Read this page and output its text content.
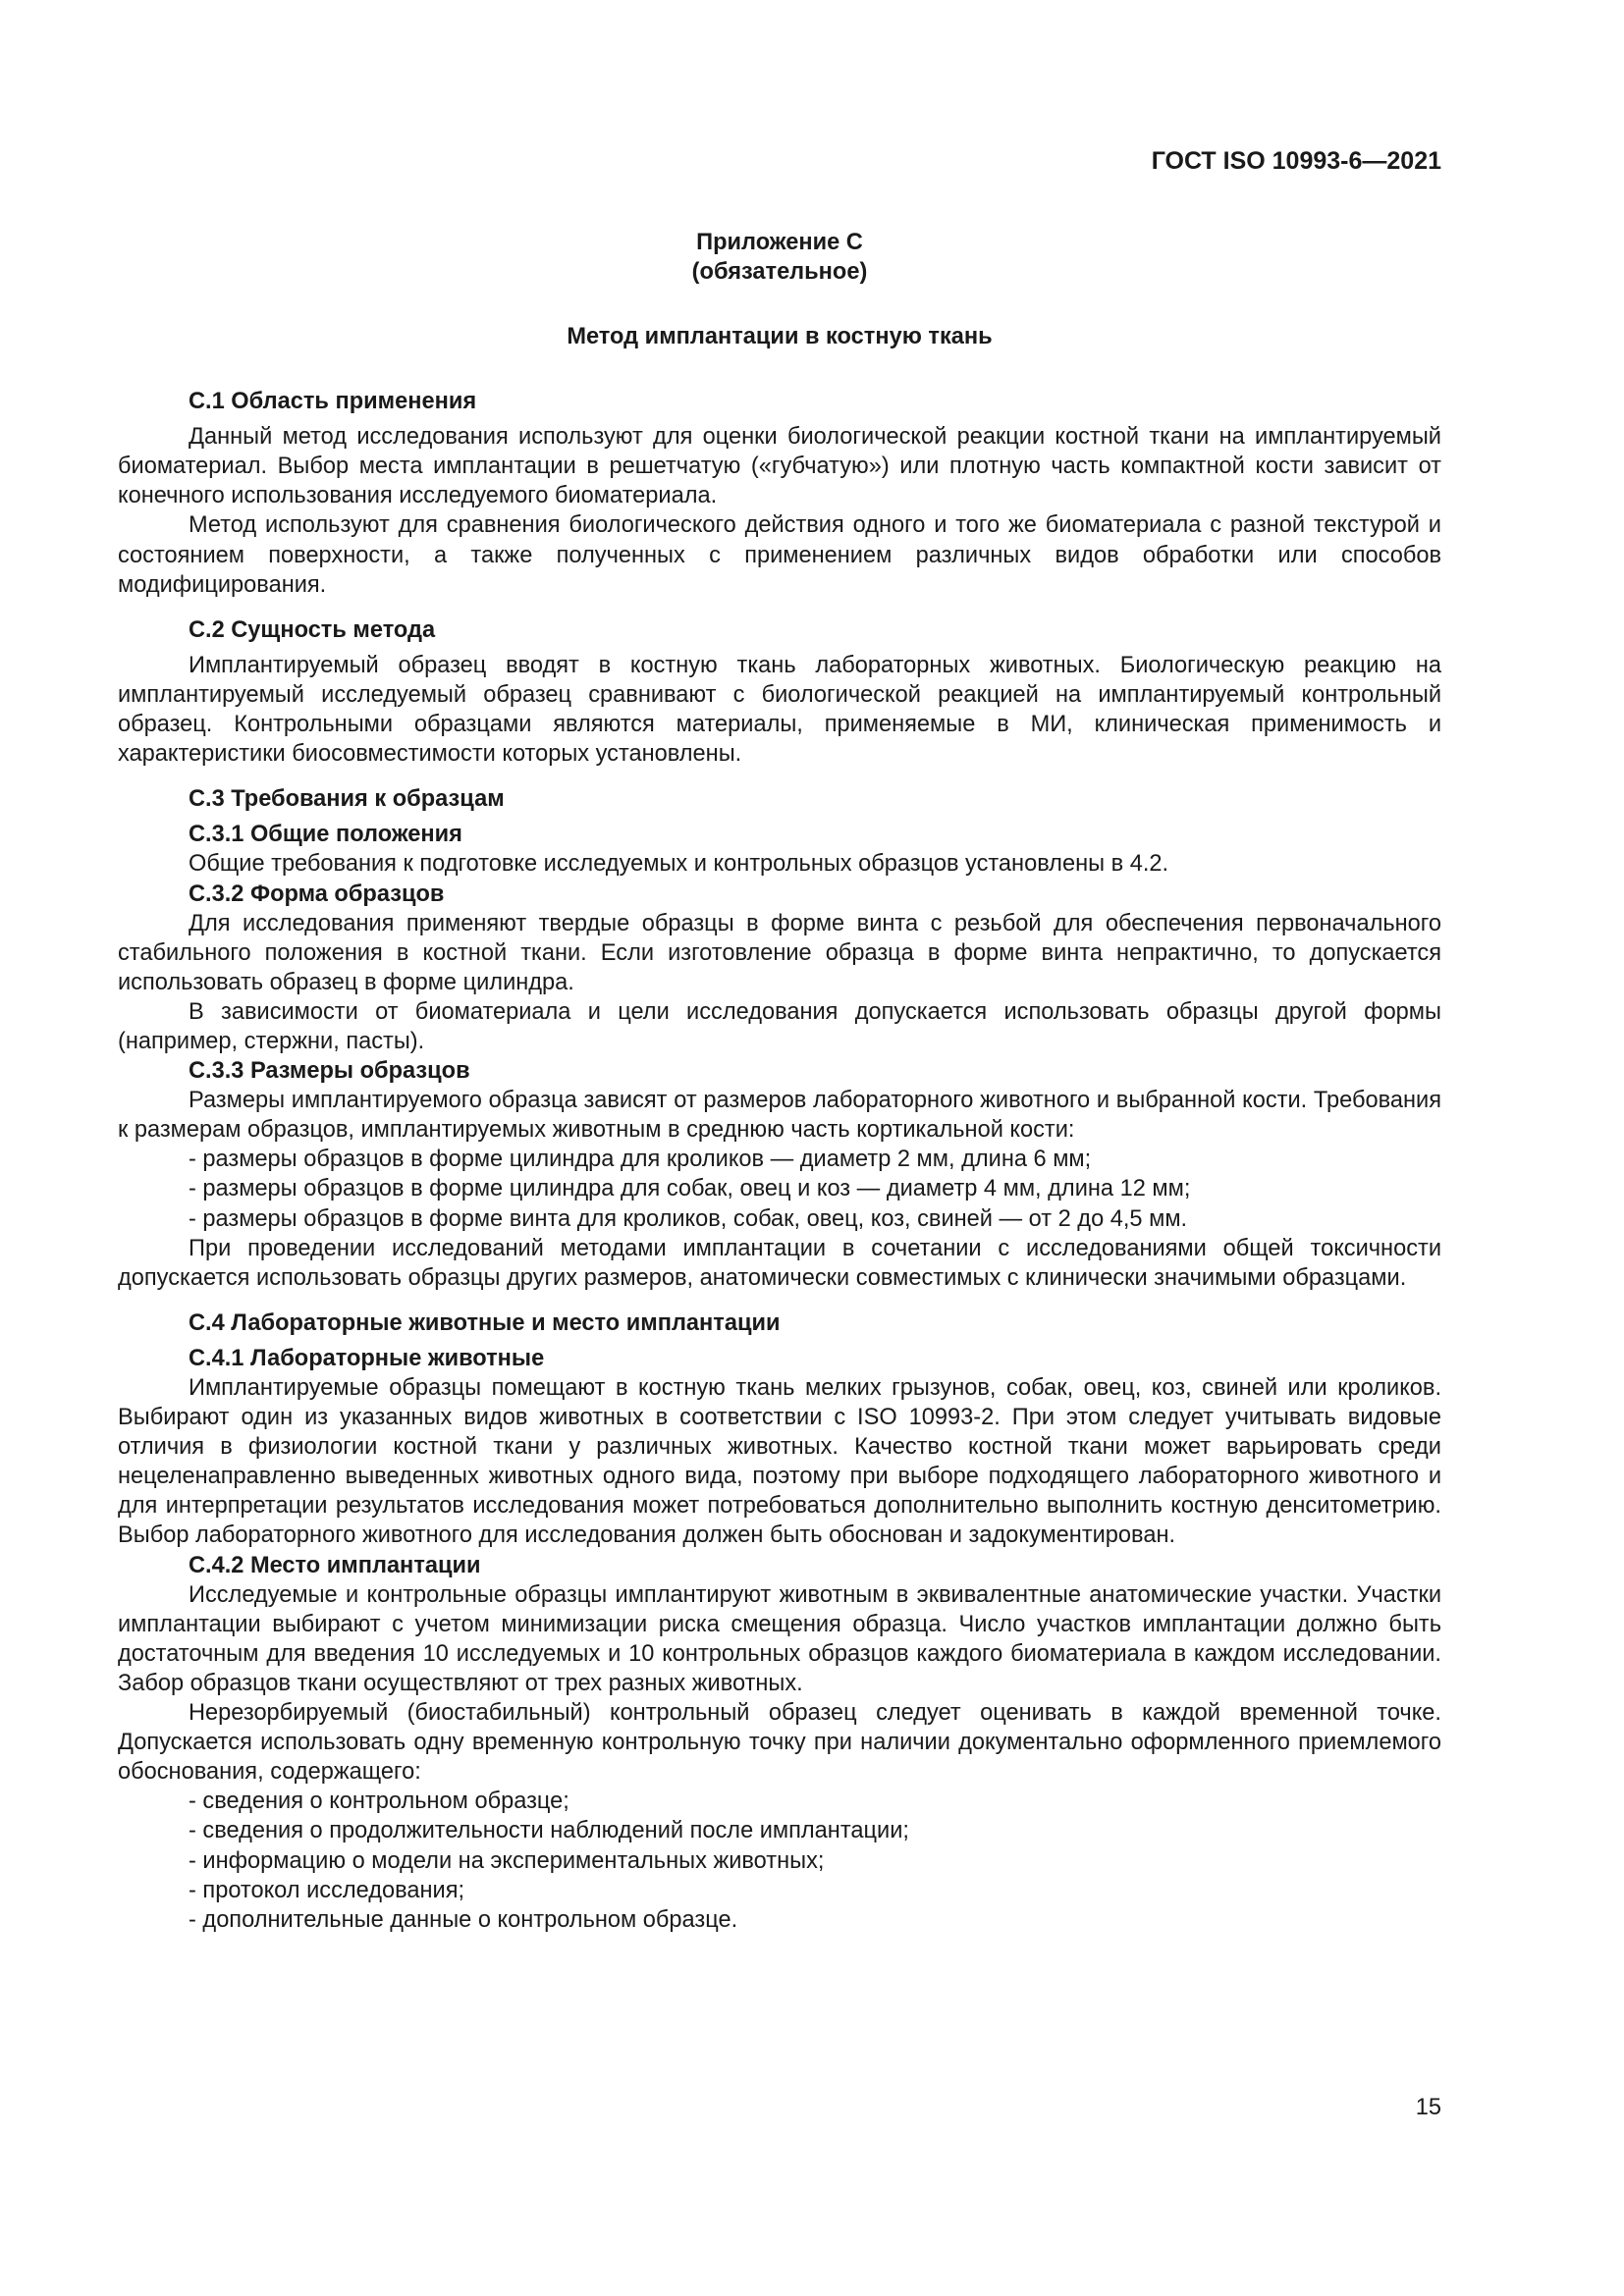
ГОСТ ISO 10993-6—2021
Приложение С
(обязательное)
Метод имплантации в костную ткань
С.1 Область применения

Данный метод исследования используют для оценки биологической реакции костной ткани на имплантируемый биоматериал. Выбор места имплантации в решетчатую («губчатую») или плотную часть компактной кости зависит от конечного использования исследуемого биоматериала.

Метод используют для сравнения биологического действия одного и того же биоматериала с разной текстурой и состоянием поверхности, а также полученных с применением различных видов обработки или способов модифицирования.

С.2 Сущность метода

Имплантируемый образец вводят в костную ткань лабораторных животных. Биологическую реакцию на имплантируемый исследуемый образец сравнивают с биологической реакцией на имплантируемый контрольный образец. Контрольными образцами являются материалы, применяемые в МИ, клиническая применимость и характеристики биосовместимости которых установлены.

С.3 Требования к образцам
С.3.1 Общие положения

Общие требования к подготовке исследуемых и контрольных образцов установлены в 4.2.

С.3.2 Форма образцов

Для исследования применяют твердые образцы в форме винта с резьбой для обеспечения первоначального стабильного положения в костной ткани. Если изготовление образца в форме винта непрактично, то допускается использовать образец в форме цилиндра.

В зависимости от биоматериала и цели исследования допускается использовать образцы другой формы (например, стержни, пасты).

С.3.3 Размеры образцов

Размеры имплантируемого образца зависят от размеров лабораторного животного и выбранной кости. Требования к размерам образцов, имплантируемых животным в среднюю часть кортикальной кости:

- размеры образцов в форме цилиндра для кроликов — диаметр 2 мм, длина 6 мм;
- размеры образцов в форме цилиндра для собак, овец и коз — диаметр 4 мм, длина 12 мм;
- размеры образцов в форме винта для кроликов, собак, овец, коз, свиней — от 2 до 4,5 мм.

При проведении исследований методами имплантации в сочетании с исследованиями общей токсичности допускается использовать образцы других размеров, анатомически совместимых с клинически значимыми образцами.

С.4 Лабораторные животные и место имплантации
С.4.1 Лабораторные животные

Имплантируемые образцы помещают в костную ткань мелких грызунов, собак, овец, коз, свиней или кроликов. Выбирают один из указанных видов животных в соответствии с ISO 10993-2. При этом следует учитывать видовые отличия в физиологии костной ткани у различных животных. Качество костной ткани может варьировать среди нецеленаправленно выведенных животных одного вида, поэтому при выборе подходящего лабораторного животного и для интерпретации результатов исследования может потребоваться дополнительно выполнить костную денситометрию. Выбор лабораторного животного для исследования должен быть обоснован и задокументирован.

С.4.2 Место имплантации

Исследуемые и контрольные образцы имплантируют животным в эквивалентные анатомические участки. Участки имплантации выбирают с учетом минимизации риска смещения образца. Число участков имплантации должно быть достаточным для введения 10 исследуемых и 10 контрольных образцов каждого биоматериала в каждом исследовании. Забор образцов ткани осуществляют от трех разных животных.

Нерезорбируемый (биостабильный) контрольный образец следует оценивать в каждой временной точке. Допускается использовать одну временную контрольную точку при наличии документально оформленного приемлемого обоснования, содержащего:

- сведения о контрольном образце;
- сведения о продолжительности наблюдений после имплантации;
- информацию о модели на экспериментальных животных;
- протокол исследования;
- дополнительные данные о контрольном образце.
15
